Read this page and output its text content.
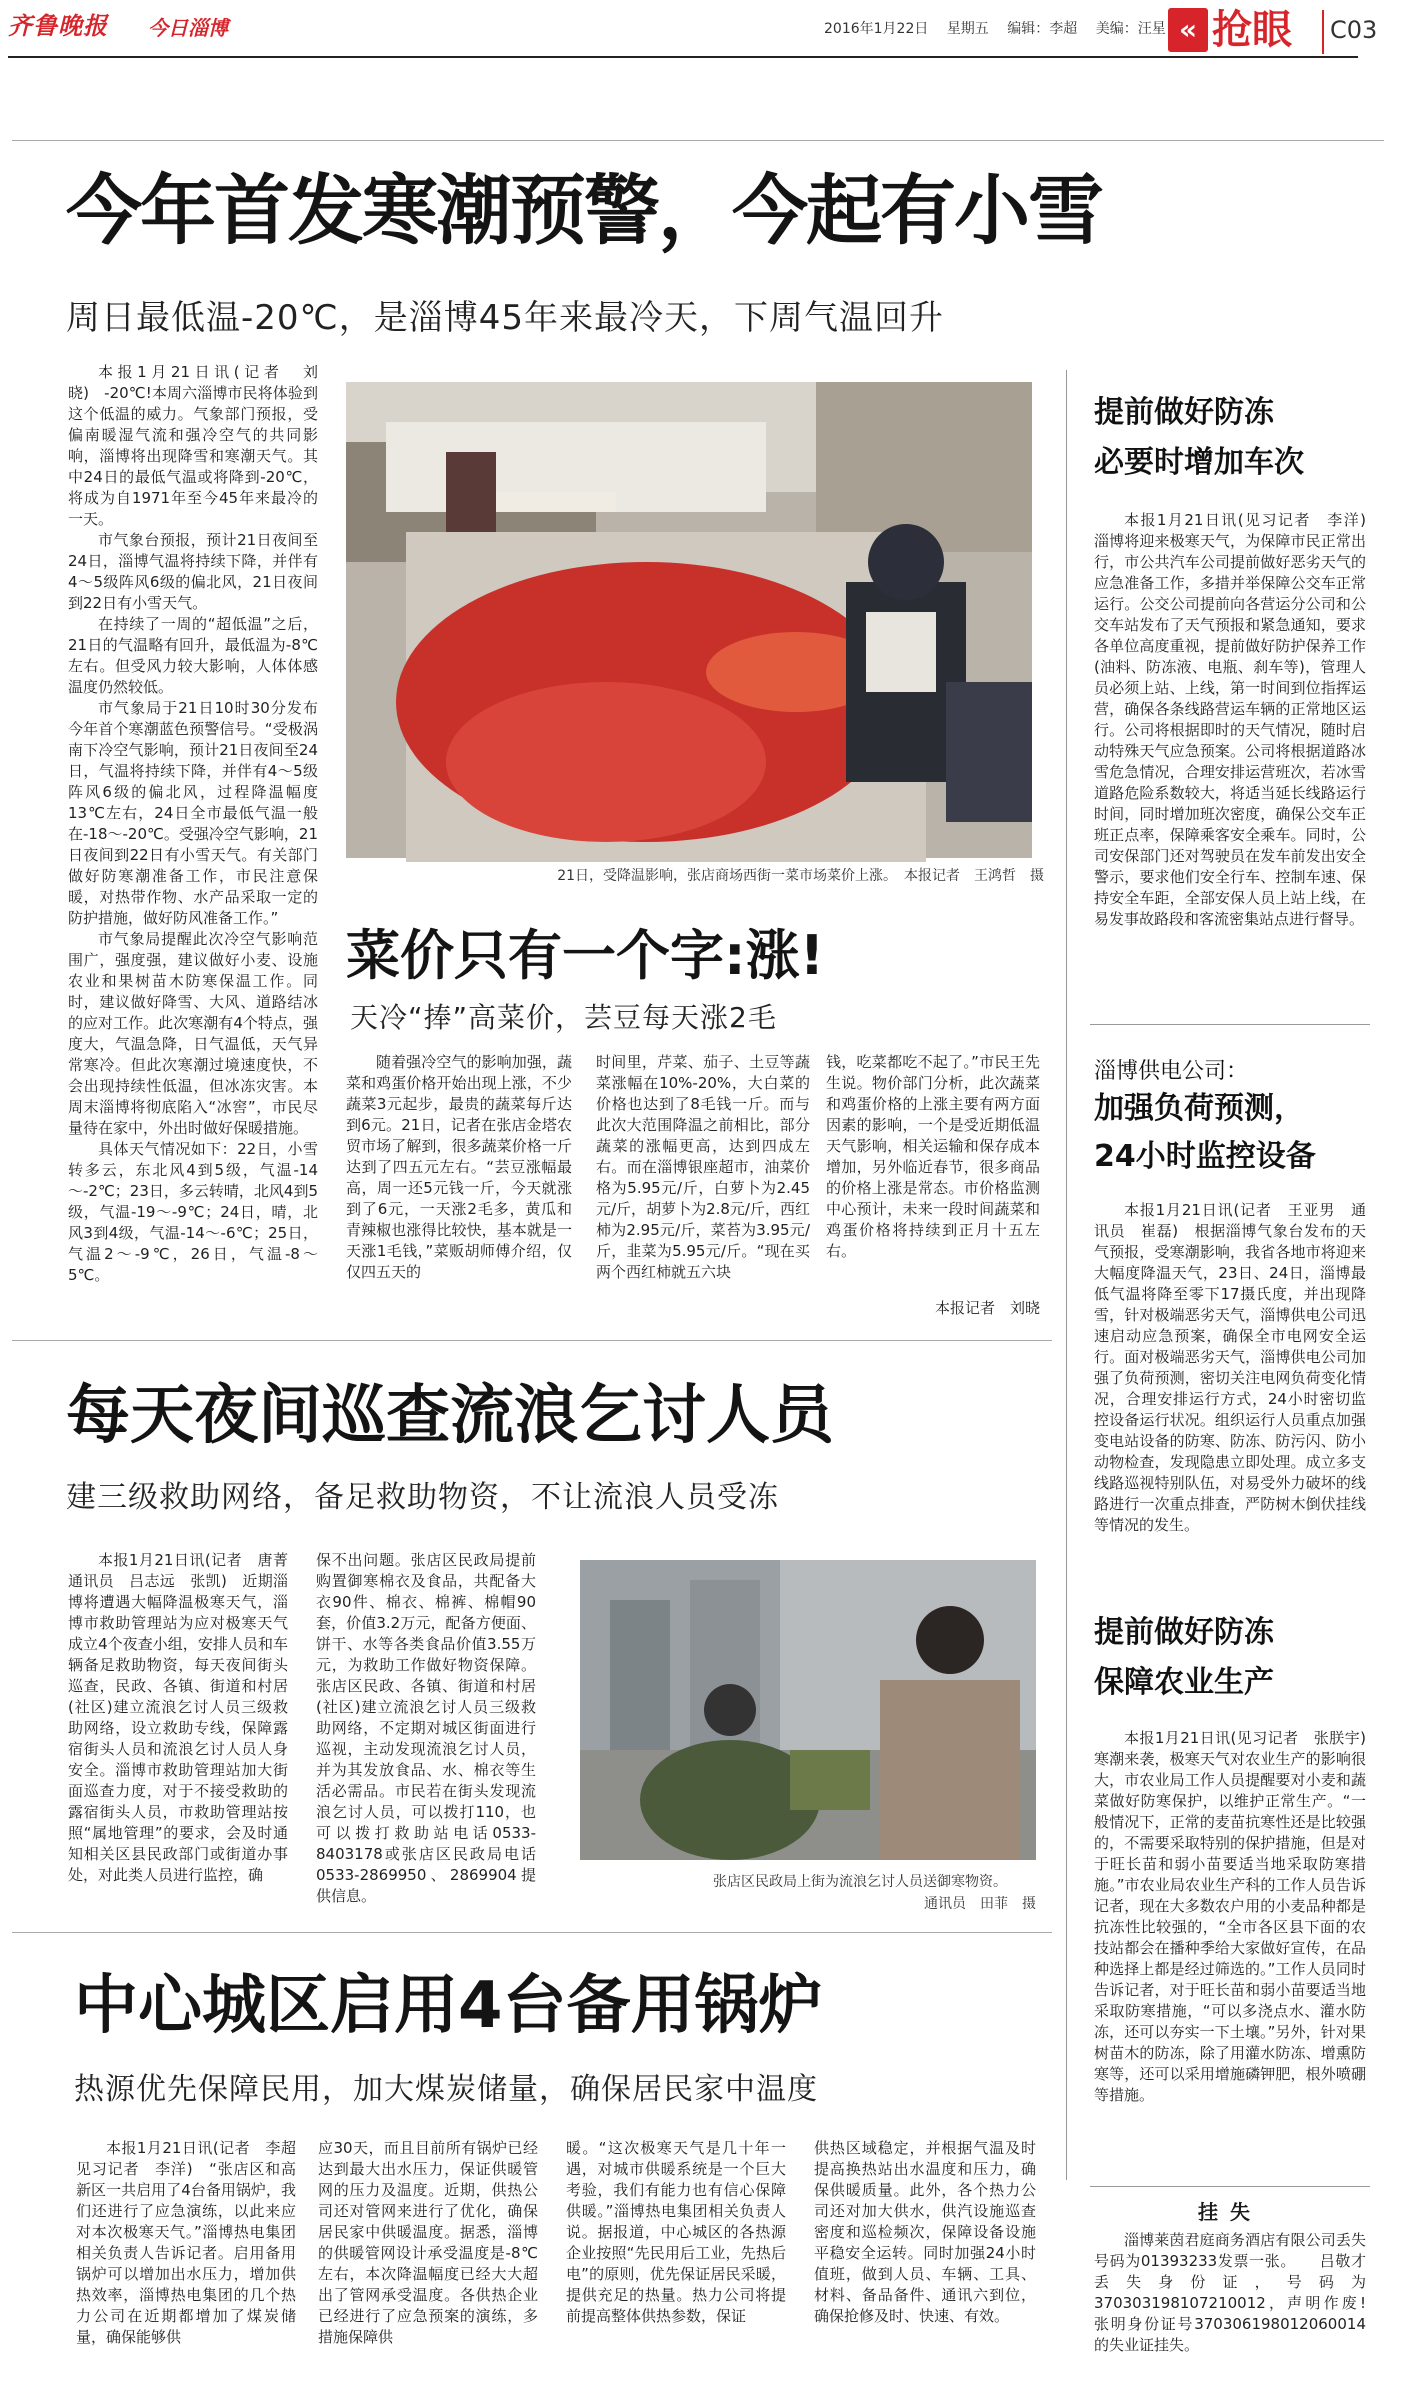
齐鲁晚报 今日淄博	2016年1月22日 星期五 编辑：李超 美编：汪星 « 抢眼 C03
今年首发寒潮预警，今起有小雪
周日最低温-20℃，是淄博45年来最冷天，下周气温回升

本报1月21日讯(记者　刘晓)　-20℃!本周六淄博市民将体验到这个低温的威力。气象部门预报，受偏南暖湿气流和强冷空气的共同影响，淄博将出现降雪和寒潮天气。其中24日的最低气温或将降到-20℃，将成为自1971年至今45年来最冷的一天。

市气象台预报，预计21日夜间至24日，淄博气温将持续下降，并伴有4～5级阵风6级的偏北风，21日夜间到22日有小雪天气。

在持续了一周的“超低温”之后，21日的气温略有回升，最低温为-8℃左右。但受风力较大影响，人体体感温度仍然较低。

市气象局于21日10时30分发布今年首个寒潮蓝色预警信号。“受极涡南下冷空气影响，预计21日夜间至24日，气温将持续下降，并伴有4～5级阵风6级的偏北风，过程降温幅度13℃左右，24日全市最低气温一般在-18～-20℃。受强冷空气影响，21日夜间到22日有小雪天气。有关部门做好防寒潮准备工作，市民注意保暖，对热带作物、水产品采取一定的防护措施，做好防风准备工作。”

市气象局提醒此次冷空气影响范围广，强度强，建议做好小麦、设施农业和果树苗木防寒保温工作。同时，建议做好降雪、大风、道路结冰的应对工作。此次寒潮有4个特点，强度大，气温急降，日气温低，天气异常寒冷。但此次寒潮过境速度快，不会出现持续性低温，但冰冻灾害。本周末淄博将彻底陷入“冰窖”，市民尽量待在家中，外出时做好保暖措施。

具体天气情况如下：22日，小雪转多云，东北风4到5级，气温-14～-2℃；23日，多云转晴，北风4到5级，气温-19～-9℃；24日，晴，北风3到4级，气温-14～-6℃；25日，气温2～-9℃，26日，气温-8～5℃。

21日，受降温影响，张店商场西街一菜市场菜价上涨。　本报记者　王鸿哲　摄
菜价只有一个字:涨!
天冷“捧”高菜价，芸豆每天涨2毛

随着强冷空气的影响加强，蔬菜和鸡蛋价格开始出现上涨，不少蔬菜3元起步，最贵的蔬菜每斤达到6元。21日，记者在张店金塔农贸市场了解到，很多蔬菜价格一斤达到了四五元左右。“芸豆涨幅最高，周一还5元钱一斤，今天就涨到了6元，一天涨2毛多，黄瓜和青辣椒也涨得比较快，基本就是一天涨1毛钱，”菜贩胡师傅介绍，仅仅四五天的

时间里，芹菜、茄子、土豆等蔬菜涨幅在10%-20%，大白菜的价格也达到了8毛钱一斤。而与此次大范围降温之前相比，部分蔬菜的涨幅更高，达到四成左右。而在淄博银座超市，油菜价格为5.95元/斤，白萝卜为2.45元/斤，胡萝卜为2.8元/斤，西红柿为2.95元/斤，菜苔为3.95元/斤，韭菜为5.95元/斤。“现在买两个西红柿就五六块

钱，吃菜都吃不起了。”市民王先生说。物价部门分析，此次蔬菜和鸡蛋价格的上涨主要有两方面因素的影响，一个是受近期低温天气影响，相关运输和保存成本增加，另外临近春节，很多商品的价格上涨是常态。市价格监测中心预计，未来一段时间蔬菜和鸡蛋价格将持续到正月十五左右。

本报记者　刘晓
提前做好防冻
必要时增加车次

本报1月21日讯(见习记者　李洋)　淄博将迎来极寒天气，为保障市民正常出行，市公共汽车公司提前做好恶劣天气的应急准备工作，多措并举保障公交车正常运行。公交公司提前向各营运分公司和公交车站发布了天气预报和紧急通知，要求各单位高度重视，提前做好防护保养工作(油料、防冻液、电瓶、刹车等)，管理人员必须上站、上线，第一时间到位指挥运营，确保各条线路营运车辆的正常地区运行。公司将根据即时的天气情况，随时启动特殊天气应急预案。公司将根据道路冰雪危急情况，合理安排运营班次，若冰雪道路危险系数较大，将适当延长线路运行时间，同时增加班次密度，确保公交车正班正点率，保障乘客安全乘车。同时，公司安保部门还对驾驶员在发车前发出安全警示，要求他们安全行车、控制车速、保持安全车距，全部安保人员上站上线，在易发事故路段和客流密集站点进行督导。

淄博供电公司：
加强负荷预测，
24小时监控设备

本报1月21日讯(记者　王亚男　通讯员　崔磊)　根据淄博气象台发布的天气预报，受寒潮影响，我省各地市将迎来大幅度降温天气，23日、24日，淄博最低气温将降至零下17摄氏度，并出现降雪，针对极端恶劣天气，淄博供电公司迅速启动应急预案，确保全市电网安全运行。面对极端恶劣天气，淄博供电公司加强了负荷预测，密切关注电网负荷变化情况，合理安排运行方式，24小时密切监控设备运行状况。组织运行人员重点加强变电站设备的防寒、防冻、防污闪、防小动物检查，发现隐患立即处理。成立多支线路巡视特别队伍，对易受外力破坏的线路进行一次重点排查，严防树木倒伏挂线等情况的发生。

提前做好防冻
保障农业生产

本报1月21日讯(见习记者　张朕宇)　寒潮来袭，极寒天气对农业生产的影响很大，市农业局工作人员提醒要对小麦和蔬菜做好防寒保护，以维护正常生产。“一般情况下，正常的麦苗抗寒性还是比较强的，不需要采取特别的保护措施，但是对于旺长苗和弱小苗要适当地采取防寒措施。”市农业局农业生产科的工作人员告诉记者，现在大多数农户用的小麦品种都是抗冻性比较强的，“全市各区县下面的农技站都会在播种季给大家做好宣传，在品种选择上都是经过筛选的。”工作人员同时告诉记者，对于旺长苗和弱小苗要适当地采取防寒措施，“可以多浇点水、灌水防冻，还可以夯实一下土壤。”另外，针对果树苗木的防冻，除了用灌水防冻、增熏防寒等，还可以采用增施磷钾肥，根外喷硼等措施。

挂失

淄博莱茵君庭商务酒店有限公司丢失号码为01393233发票一张。　　吕敬才丢失身份证，号码为370303198107210012，声明作废!　　张明身份证号370306198012060014的失业证挂失。

每天夜间巡查流浪乞讨人员
建三级救助网络，备足救助物资，不让流浪人员受冻

本报1月21日讯(记者　唐菁　通讯员　吕志远　张凯)　近期淄博将遭遇大幅降温极寒天气，淄博市救助管理站为应对极寒天气成立4个夜查小组，安排人员和车辆备足救助物资，每天夜间街头巡查，民政、各镇、街道和村居(社区)建立流浪乞讨人员三级救助网络，设立救助专线，保障露宿街头人员和流浪乞讨人员人身安全。淄博市救助管理站加大街面巡查力度，对于不接受救助的露宿街头人员，市救助管理站按照“属地管理”的要求，会及时通知相关区县民政部门或街道办事处，对此类人员进行监控，确

保不出问题。张店区民政局提前购置御寒棉衣及食品，共配备大衣90件、棉衣、棉裤、棉帽90套，价值3.2万元，配备方便面、饼干、水等各类食品价值3.55万元，为救助工作做好物资保障。张店区民政、各镇、街道和村居(社区)建立流浪乞讨人员三级救助网络，不定期对城区街面进行巡视，主动发现流浪乞讨人员，并为其发放食品、水、棉衣等生活必需品。市民若在街头发现流浪乞讨人员，可以拨打110，也可以拨打救助站电话0533-8403178或张店区民政局电话0533-2869950、2869904提供信息。

张店区民政局上街为流浪乞讨人员送御寒物资。
通讯员　田菲　摄
中心城区启用4台备用锅炉
热源优先保障民用，加大煤炭储量，确保居民家中温度

本报1月21日讯(记者　李超　见习记者　李洋)　“张店区和高新区一共启用了4台备用锅炉，我们还进行了应急演练，以此来应对本次极寒天气。”淄博热电集团相关负责人告诉记者。启用备用锅炉可以增加出水压力，增加供热效率，淄博热电集团的几个热力公司在近期都增加了煤炭储量，确保能够供

应30天，而且目前所有锅炉已经达到最大出水压力，保证供暖管网的压力及温度。近期，供热公司还对管网来进行了优化，确保居民家中供暖温度。据悉，淄博的供暖管网设计承受温度是-8℃左右，本次降温幅度已经大大超出了管网承受温度。各供热企业已经进行了应急预案的演练，多措施保障供

暖。“这次极寒天气是几十年一遇，对城市供暖系统是一个巨大考验，我们有能力也有信心保障供暖。”淄博热电集团相关负责人说。据报道，中心城区的各热源企业按照“先民用后工业，先热后电”的原则，优先保证居民采暖，提供充足的热量。热力公司将提前提高整体供热参数，保证

供热区域稳定，并根据气温及时提高换热站出水温度和压力，确保供暖质量。此外，各个热力公司还对加大供水，供汽设施巡查密度和巡检频次，保障设备设施平稳安全运转。同时加强24小时值班，做到人员、车辆、工具、材料、备品备件、通讯六到位，确保抢修及时、快速、有效。
